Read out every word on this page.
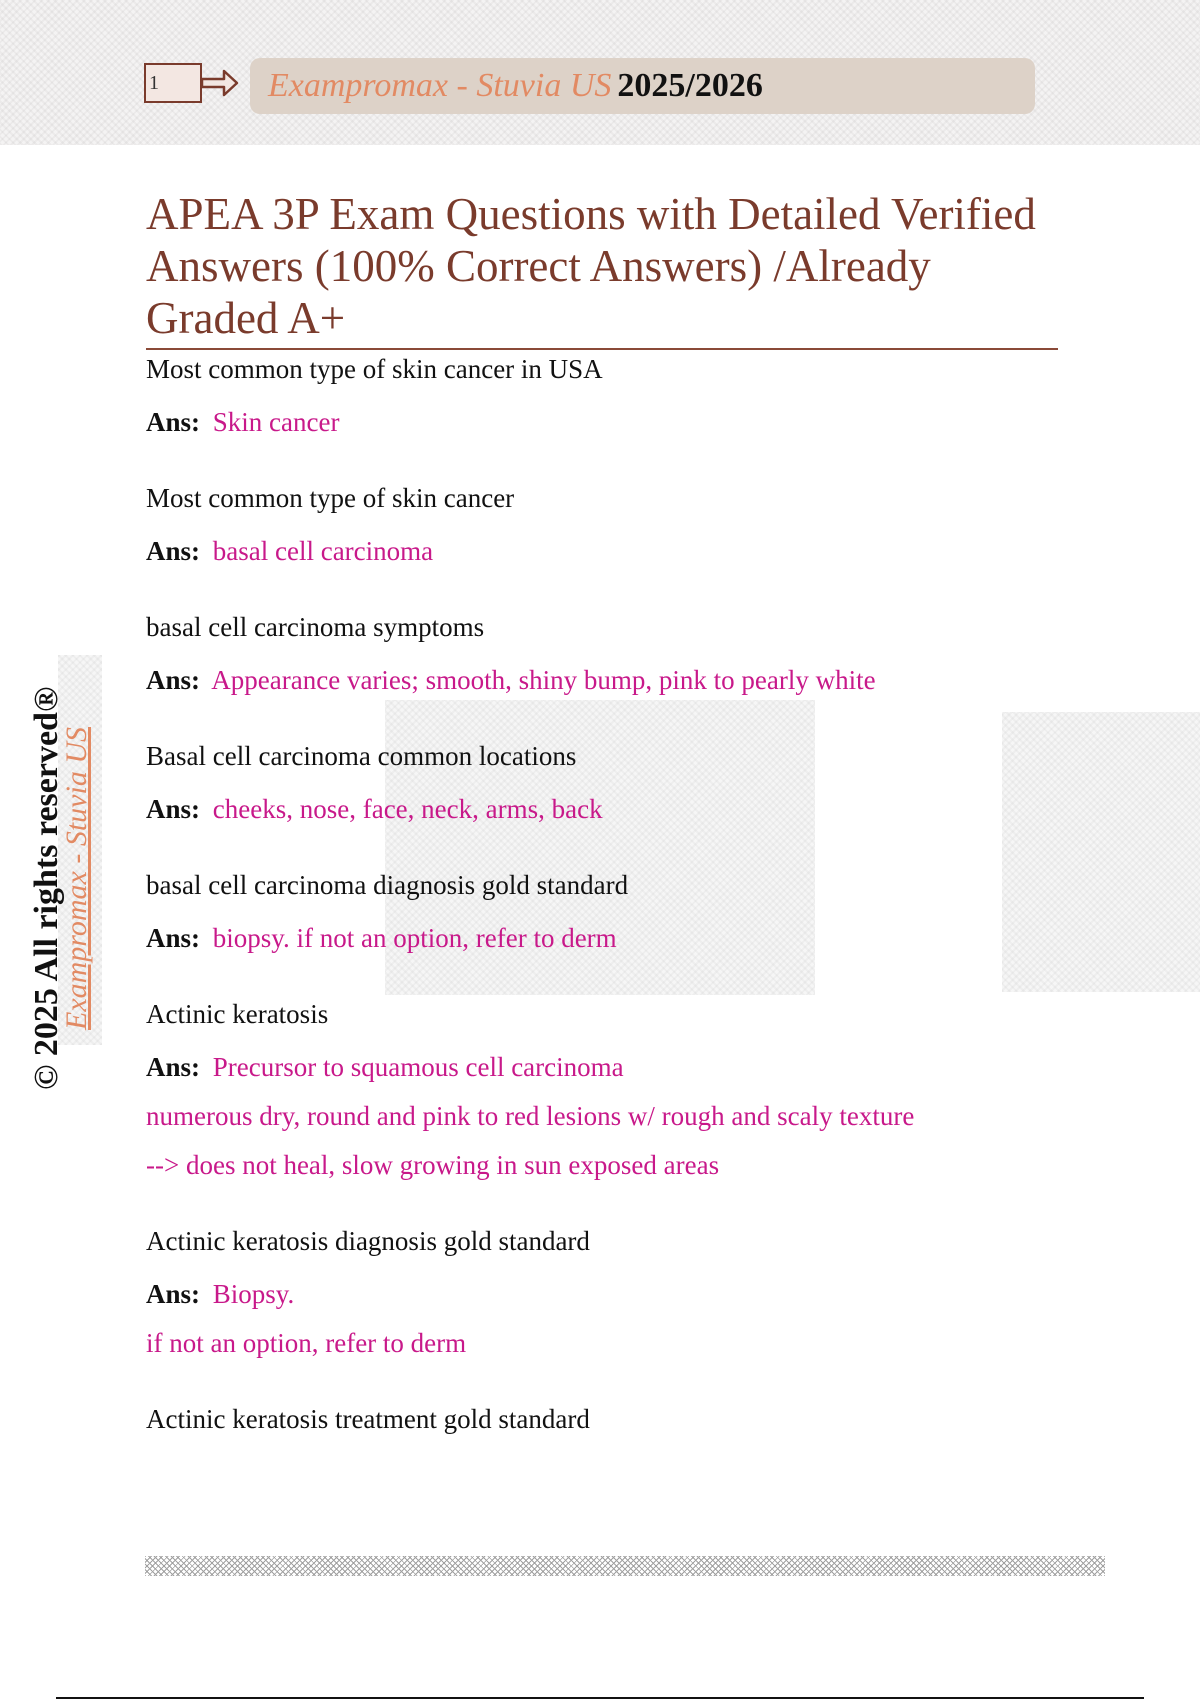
1	Exampromax - Stuvia US 2025/2026
© 2025 All rights reserved®
Exampromax - Stuvia US
APEA 3P Exam Questions with Detailed Verified Answers (100% Correct Answers) /Already Graded A+

Most common type of skin cancer in USA

Ans: Skin cancer

Most common type of skin cancer

Ans: basal cell carcinoma

basal cell carcinoma symptoms

Ans: Appearance varies; smooth, shiny bump, pink to pearly white

Basal cell carcinoma common locations

Ans: cheeks, nose, face, neck, arms, back

basal cell carcinoma diagnosis gold standard

Ans: biopsy. if not an option, refer to derm

Actinic keratosis

Ans: Precursor to squamous cell carcinoma

numerous dry, round and pink to red lesions w/ rough and scaly texture

--> does not heal, slow growing in sun exposed areas

Actinic keratosis diagnosis gold standard

Ans: Biopsy.

if not an option, refer to derm

Actinic keratosis treatment gold standard
